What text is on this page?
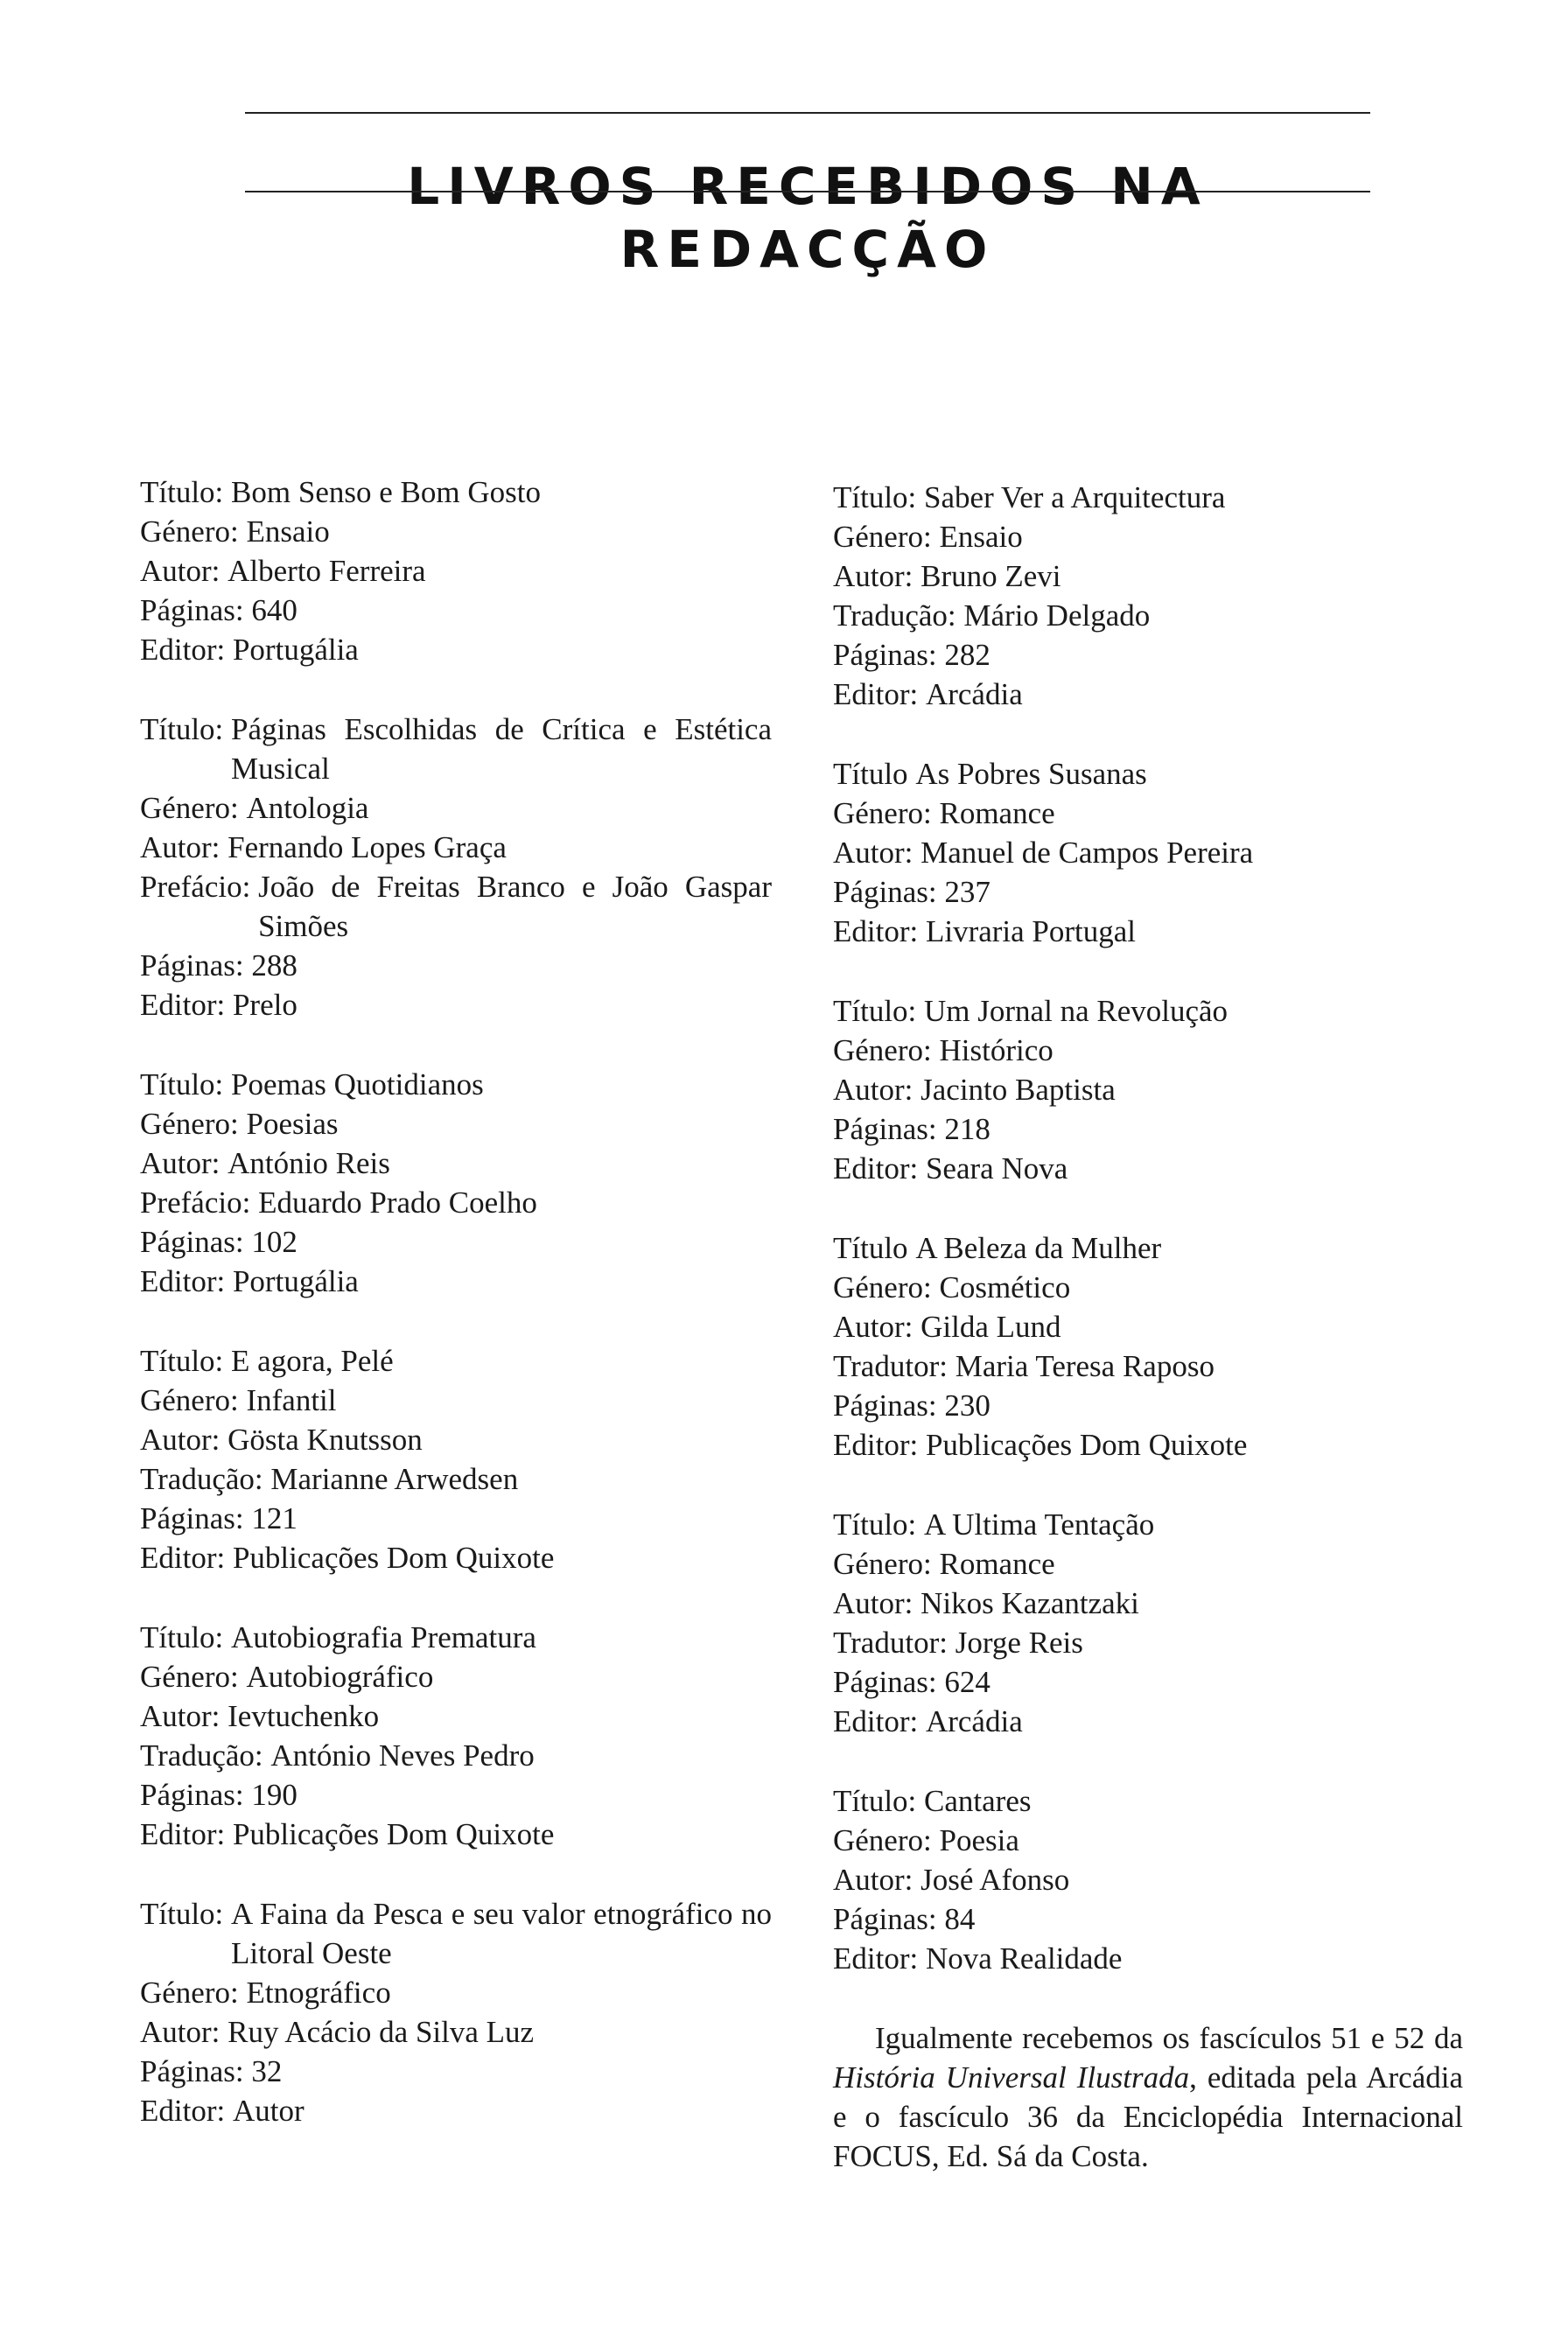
LIVROS RECEBIDOS NA REDACÇÃO
Título:
Bom Senso e Bom Gosto
Género:
Ensaio
Autor:
Alberto Ferreira
Páginas:
640
Editor:
Portugália
Título:
Páginas Escolhidas de Crítica e Estética Musical
Género:
Antologia
Autor:
Fernando Lopes Graça
Prefácio:
João de Freitas Branco e João Gaspar Simões
Páginas:
288
Editor:
Prelo
Título:
Poemas Quotidianos
Género:
Poesias
Autor:
António Reis
Prefácio:
Eduardo Prado Coelho
Páginas:
102
Editor:
Portugália
Título:
E agora, Pelé
Género:
Infantil
Autor:
Gösta Knutsson
Tradução:
Marianne Arwedsen
Páginas:
121
Editor:
Publicações Dom Quixote
Título:
Autobiografia Prematura
Género:
Autobiográfico
Autor:
Ievtuchenko
Tradução:
António Neves Pedro
Páginas:
190
Editor:
Publicações Dom Quixote
Título:
A Faina da Pesca e seu valor etnográfico no Litoral Oeste
Género:
Etnográfico
Autor:
Ruy Acácio da Silva Luz
Páginas:
32
Editor:
Autor
Título:
Saber Ver a Arquitectura
Género:
Ensaio
Autor:
Bruno Zevi
Tradução:
Mário Delgado
Páginas:
282
Editor:
Arcádia
Título
As Pobres Susanas
Género:
Romance
Autor:
Manuel de Campos Pereira
Páginas:
237
Editor:
Livraria Portugal
Título:
Um Jornal na Revolução
Género:
Histórico
Autor:
Jacinto Baptista
Páginas:
218
Editor:
Seara Nova
Título
A Beleza da Mulher
Género:
Cosmético
Autor:
Gilda Lund
Tradutor:
Maria Teresa Raposo
Páginas:
230
Editor:
Publicações Dom Quixote
Título:
A Ultima Tentação
Género:
Romance
Autor:
Nikos Kazantzaki
Tradutor:
Jorge Reis
Páginas:
624
Editor:
Arcádia
Título:
Cantares
Género:
Poesia
Autor:
José Afonso
Páginas:
84
Editor:
Nova Realidade

Igualmente recebemos os fascículos 51 e 52 da História Universal Ilustrada, editada pela Arcádia e o fascículo 36 da Enciclopédia Internacional FOCUS, Ed. Sá da Costa.
